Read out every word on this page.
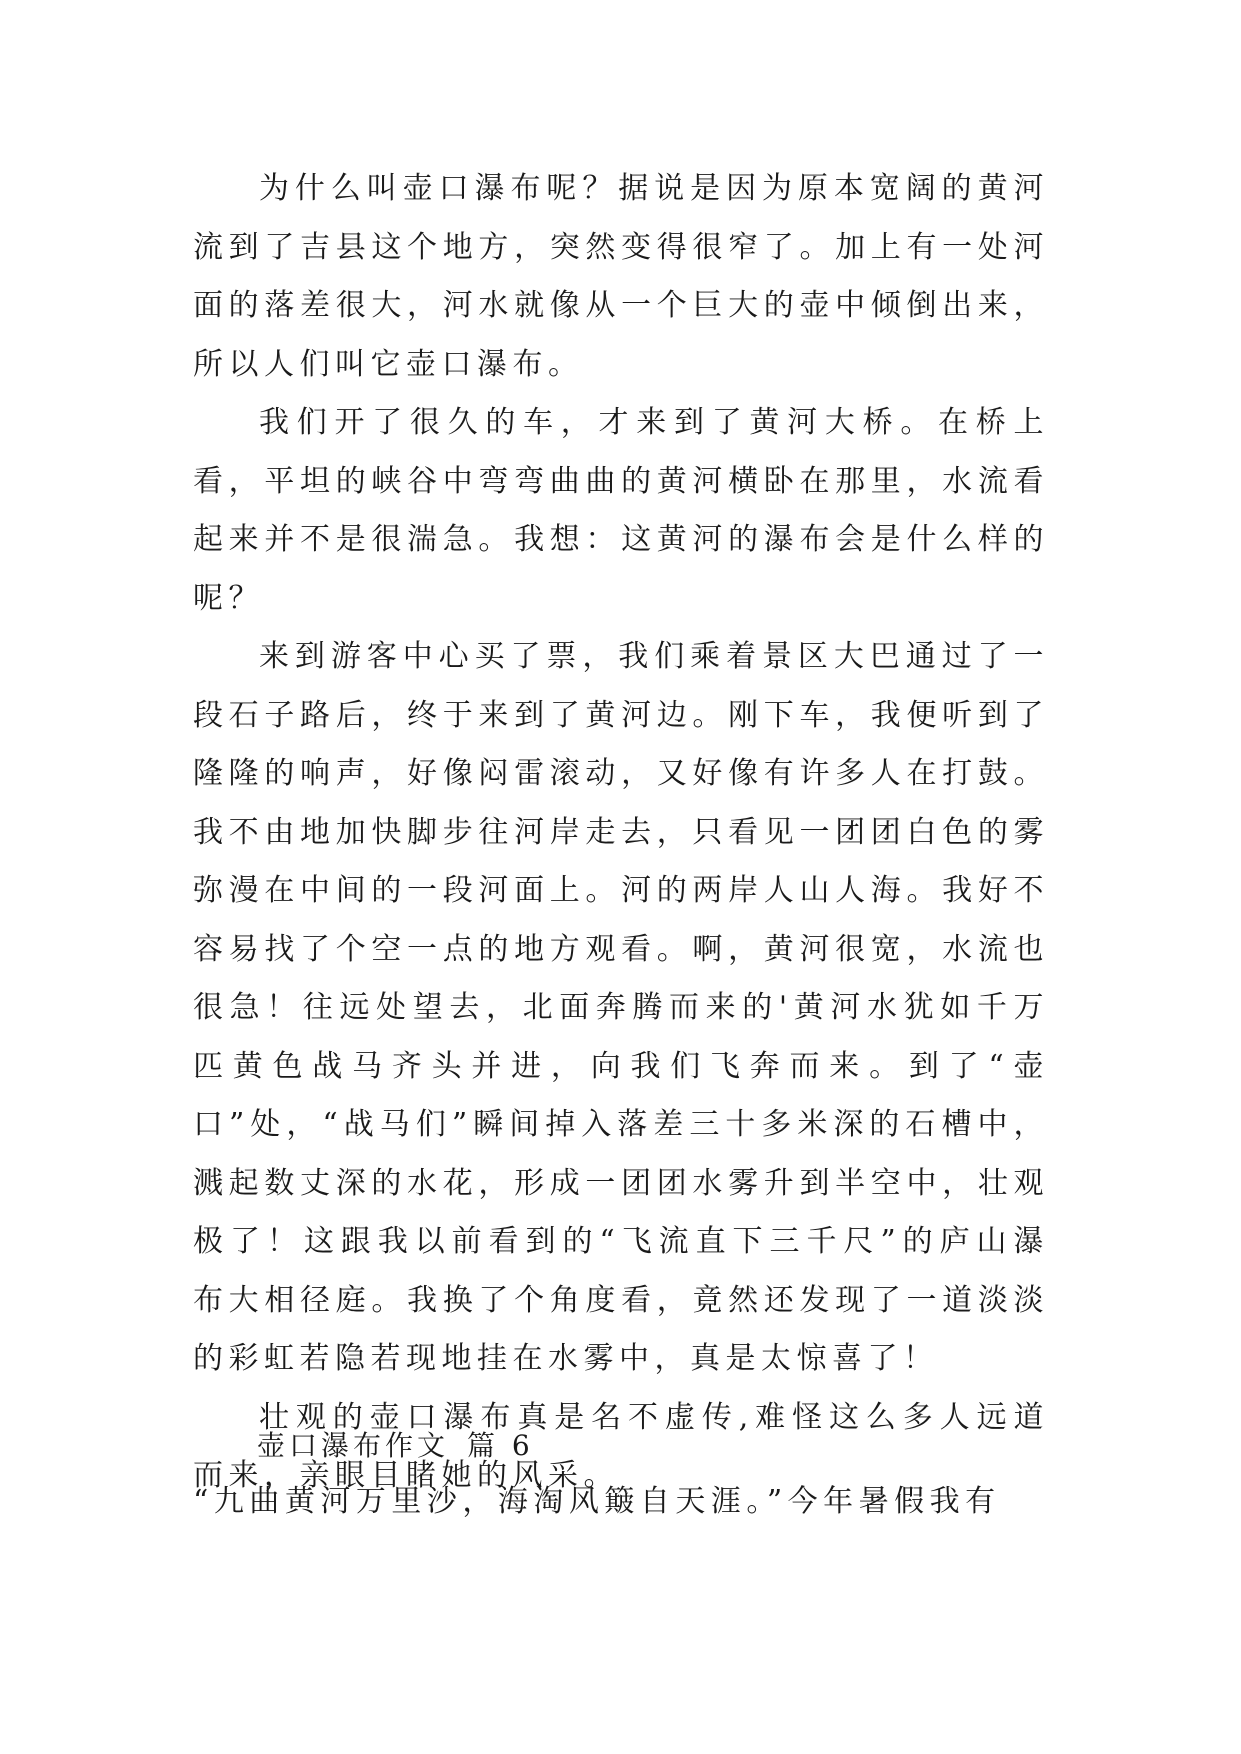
为什么叫壶口瀑布呢？据说是因为原本宽阔的黄河流到了吉县这个地方，突然变得很窄了。加上有一处河面的落差很大，河水就像从一个巨大的壶中倾倒出来，所以人们叫它壶口瀑布。

我们开了很久的车，才来到了黄河大桥。在桥上看，平坦的峡谷中弯弯曲曲的黄河横卧在那里，水流看起来并不是很湍急。我想：这黄河的瀑布会是什么样的呢？

来到游客中心买了票，我们乘着景区大巴通过了一段石子路后，终于来到了黄河边。刚下车，我便听到了隆隆的响声，好像闷雷滚动，又好像有许多人在打鼓。我不由地加快脚步往河岸走去，只看见一团团白色的雾弥漫在中间的一段河面上。河的两岸人山人海。我好不容易找了个空一点的地方观看。啊，黄河很宽，水流也很急！往远处望去，北面奔腾而来的'黄河水犹如千万匹黄色战马齐头并进，向我们飞奔而来。到了“壶口”处，“战马们”瞬间掉入落差三十多米深的石槽中，溅起数丈深的水花，形成一团团水雾升到半空中，壮观极了！这跟我以前看到的“飞流直下三千尺”的庐山瀑布大相径庭。我换了个角度看，竟然还发现了一道淡淡的彩虹若隐若现地挂在水雾中，真是太惊喜了！

壮观的壶口瀑布真是名不虚传,难怪这么多人远道而来，亲眼目睹她的风采。

壶口瀑布作文 篇 6

“九曲黄河万里沙，海淘风簸自天涯。”今年暑假我有
